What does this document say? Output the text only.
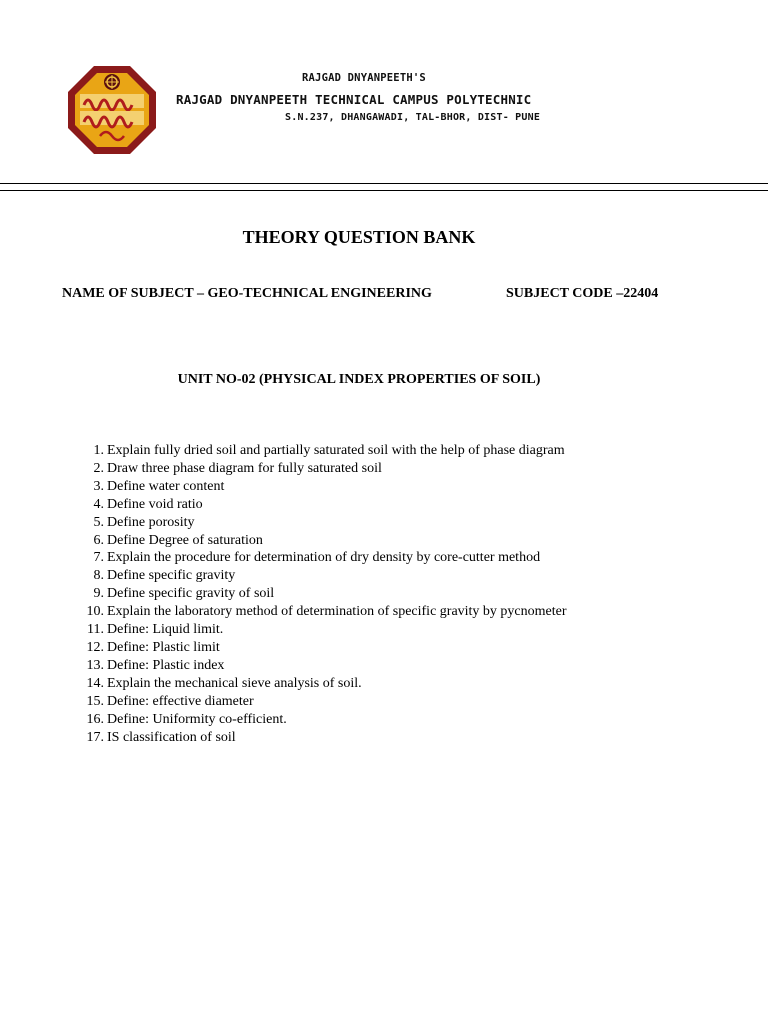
RAJGAD DNYANPEETH'S
RAJGAD DNYANPEETH TECHNICAL CAMPUS POLYTECHNIC
S.N.237, DHANGAWADI, TAL-BHOR, DIST- PUNE
THEORY QUESTION BANK
NAME OF SUBJECT – GEO-TECHNICAL ENGINEERING	SUBJECT CODE –22404
UNIT NO-02 (PHYSICAL INDEX PROPERTIES OF SOIL)
1. Explain fully dried soil and partially saturated soil with the help of phase diagram
2. Draw three phase diagram for fully saturated soil
3. Define water content
4. Define void ratio
5. Define porosity
6. Define Degree of saturation
7. Explain the procedure for determination of dry density by core-cutter method
8. Define specific gravity
9. Define specific gravity of soil
10. Explain the laboratory method of determination of specific gravity by pycnometer
11. Define: Liquid limit.
12. Define: Plastic limit
13. Define: Plastic index
14. Explain the mechanical sieve analysis of soil.
15. Define: effective diameter
16. Define: Uniformity co-efficient.
17. IS classification of soil
